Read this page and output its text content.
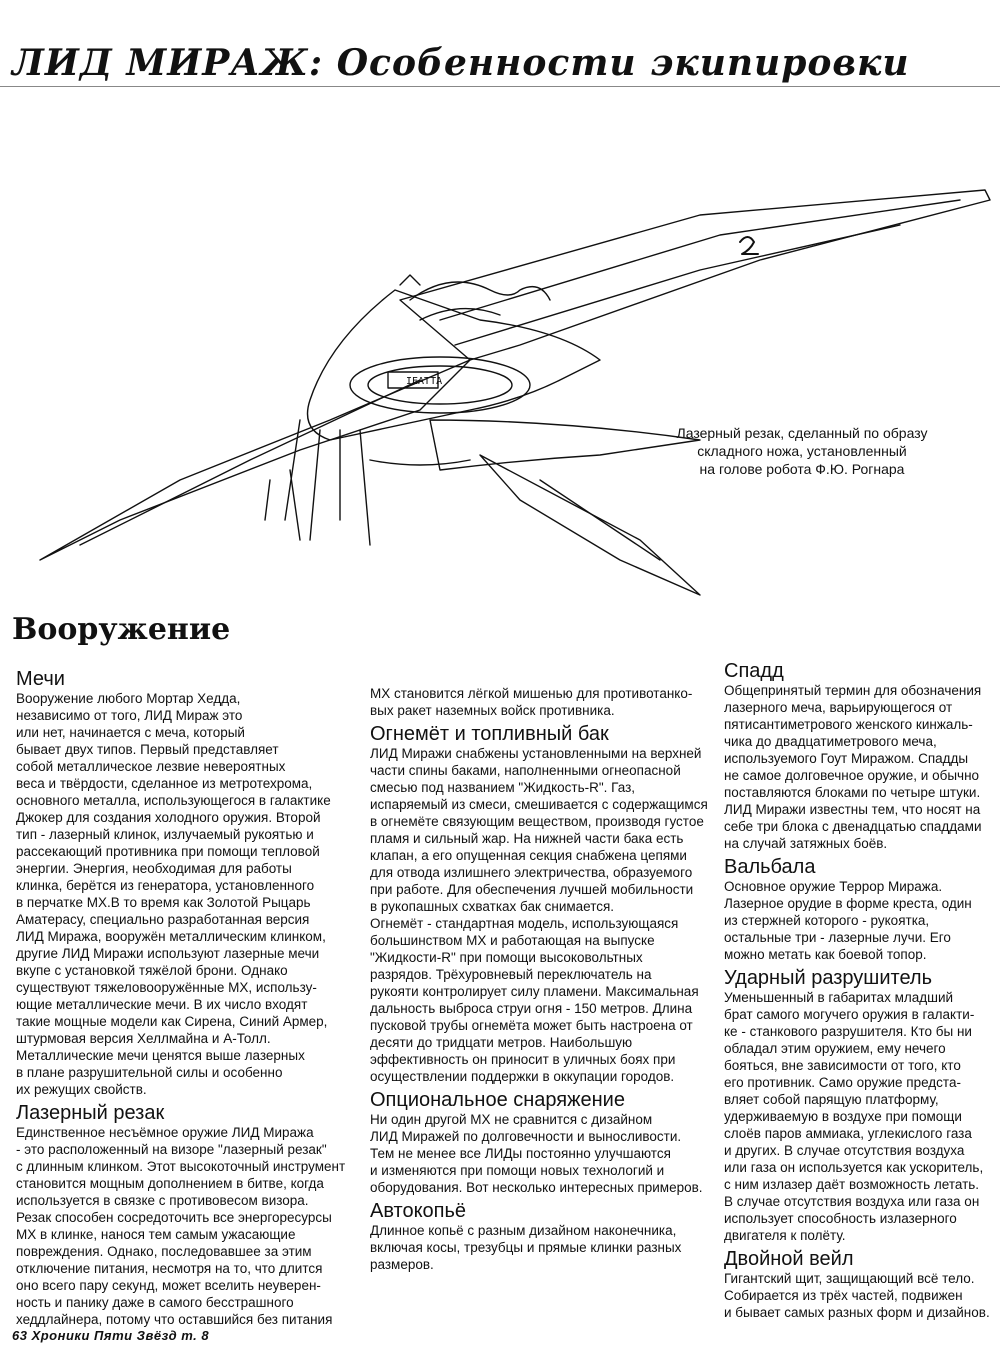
ЛИД МИРАЖ: Особенности экипировки
IEATTA

Лазерный резак, сделанный по образу
складного ножа, установленный
на голове робота Ф.Ю. Рогнара

Вооружение
Мечи

Вооружение любого Мортар Хедда,
независимо от того, ЛИД Мираж это
или нет, начинается с меча, который
бывает двух типов. Первый представляет
собой металлическое лезвие невероятных
веса и твёрдости, сделанное из метротехрома,
основного металла, использующегося в галактике
Джокер для создания холодного оружия. Второй
тип - лазерный клинок, излучаемый рукоятью и
рассекающий противника при помощи тепловой
энергии. Энергия, необходимая для работы
клинка, берётся из генератора, установленного
в перчатке МХ.В то время как Золотой Рыцарь
Аматерасу, специально разработанная версия
ЛИД Миража, вооружён металлическим клинком,
другие ЛИД Миражи используют лазерные мечи
вкупе с установкой тяжёлой брони. Однако
существуют тяжеловооружённые МХ, использу-
ющие металлические мечи. В их число входят
такие мощные модели как Сирена, Синий Армер,
штурмовая версия Хеллмайна и А-Толл.
Металлические мечи ценятся выше лазерных
в плане разрушительной силы и особенно
их режущих свойств.

Лазерный резак

Единственное несъёмное оружие ЛИД Миража
- это расположенный на визоре "лазерный резак"
с длинным клинком. Этот высокоточный инструмент
становится мощным дополнением в битве, когда
используется в связке с противовесом визора.
Резак способен сосредоточить все энергоресурсы
МХ в клинке, нанося тем самым ужасающие
повреждения. Однако, последовавшее за этим
отключение питания, несмотря на то, что длится
оно всего пару секунд, может вселить неуверен-
ность и панику даже в самого бесстрашного
хеддлайнера, потому что оставшийся без питания

МХ становится лёгкой мишенью для противотанко-
вых ракет наземных войск противника.

Огнемёт и топливный бак

ЛИД Миражи снабжены установленными на верхней
части спины баками, наполненными огнеопасной
смесью под названием "Жидкость-R". Газ,
испаряемый из смеси, смешивается с содержащимся
в огнемёте связующим веществом, производя густое
пламя и сильный жар. На нижней части бака есть
клапан, а его опущенная секция снабжена цепями
для отвода излишнего электричества, образуемого
при работе. Для обеспечения лучшей мобильности
в рукопашных схватках бак снимается.
Огнемёт - стандартная модель, использующаяся
большинством МХ и работающая на выпуске
"Жидкости-R" при помощи высоковольтных
разрядов. Трёхуровневый переключатель на
рукояти контролирует силу пламени. Максимальная
дальность выброса струи огня - 150 метров. Длина
пусковой трубы огнемёта может быть настроена от
десяти до тридцати метров. Наибольшую
эффективность он приносит в уличных боях при
осуществлении поддержки в оккупации городов.

Опциональное снаряжение

Ни один другой МХ не сравнится с дизайном
ЛИД Миражей по долговечности и выносливости.
Тем не менее все ЛИДы постоянно улучшаются
и изменяются при помощи новых технологий и
оборудования. Вот несколько интересных примеров.

Автокопьё

Длинное копьё с разным дизайном наконечника,
включая косы, трезубцы и прямые клинки разных
размеров.

Спадд

Общепринятый термин для обозначения
лазерного меча, варьирующегося от
пятисантиметрового женского кинжаль-
чика до двадцатиметрового меча,
используемого Гоут Миражом. Спадды
не самое долговечное оружие, и обычно
поставляются блоками по четыре штуки.
ЛИД Миражи известны тем, что носят на
себе три блока с двенадцатью спаддами
на случай затяжных боёв.

Вальбала

Основное оружие Террор Миража.
Лазерное орудие в форме креста, один
из стержней которого - рукоятка,
остальные три - лазерные лучи. Его
можно метать как боевой топор.

Ударный разрушитель

Уменьшенный в габаритах младший
брат самого могучего оружия в галакти-
ке - станкового разрушителя. Кто бы ни
обладал этим оружием, ему нечего
бояться, вне зависимости от того, кто
его противник. Само оружие предста-
вляет собой парящую платформу,
удерживаемую в воздухе при помощи
слоёв паров аммиака, углекислого газа
и других. В случае отсутствия воздуха
или газа он используется как ускоритель,
с ним излазер даёт возможность летать.
В случае отсутствия воздуха или газа он
использует способность излазерного
двигателя к полёту.

Двойной вейл

Гигантский щит, защищающий всё тело.
Собирается из трёх частей, подвижен
и бывает самых разных форм и дизайнов.

63 Хроники Пяти Звёзд т. 8
